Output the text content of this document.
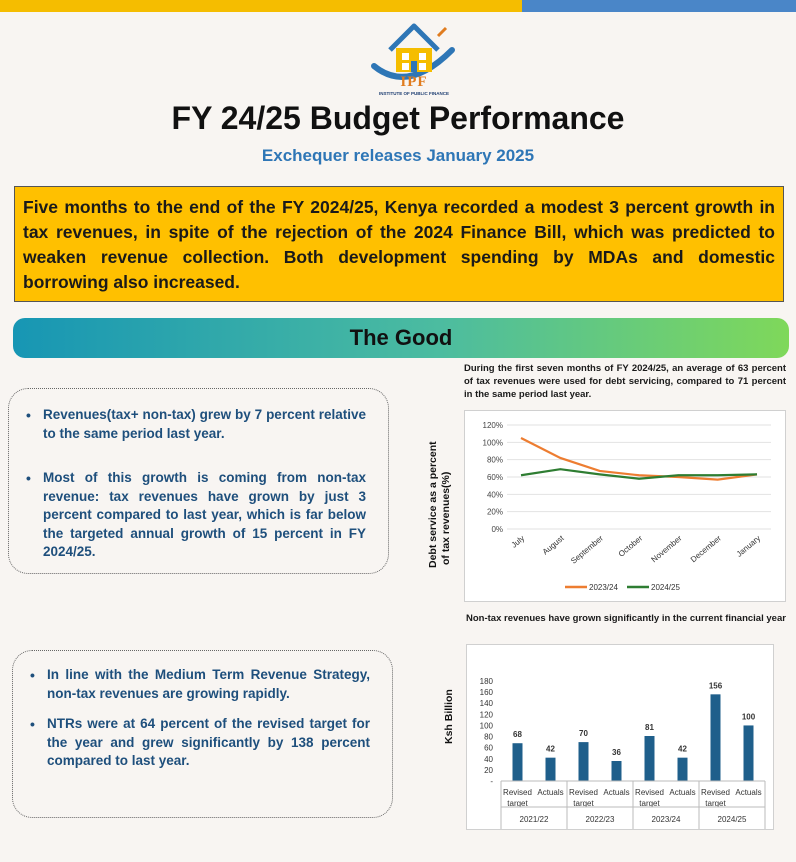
IPF
INSTITUTE OF PUBLIC FINANCE
FY 24/25 Budget Performance
Exchequer releases January 2025
Five months to the end of the FY 2024/25, Kenya recorded a modest 3 percent growth in tax revenues, in spite of the rejection of the 2024 Finance Bill, which was predicted to weaken revenue collection. Both development spending by MDAs and domestic borrowing also increased.
The Good
• Revenues(tax+ non-tax) grew by 7 percent relative to the same period last year.
• Most of this growth is coming from non-tax revenue: tax revenues have grown by just 3 percent compared to last year, which is far below the targeted annual growth of 15 percent in FY 2024/25.
• In line with the Medium Term Revenue Strategy, non-tax revenues are growing rapidly.
• NTRs were at 64 percent of the revised target for the year and grew significantly by 138 percent compared to last year.
During the first seven months of FY 2024/25, an average of 63 percent of tax revenues were used for debt servicing, compared to 71 percent in the same period last year.
Non-tax revenues have grown significantly in the current financial year
Debt service as a percent of tax revenues(%)
Ksh Billion
0%
20%
40%
60%
80%
100%
120%
July August September October November December January
2023/24	2024/25
-
20
40
60
80
100
120
140
160
180
68
Revised
target
42
Actuals
70
Revised
target
36
Actuals
81
Revised
target
42
Actuals
156
Revised
target
100
Actuals
2021/22	2022/23	2023/24	2024/25
